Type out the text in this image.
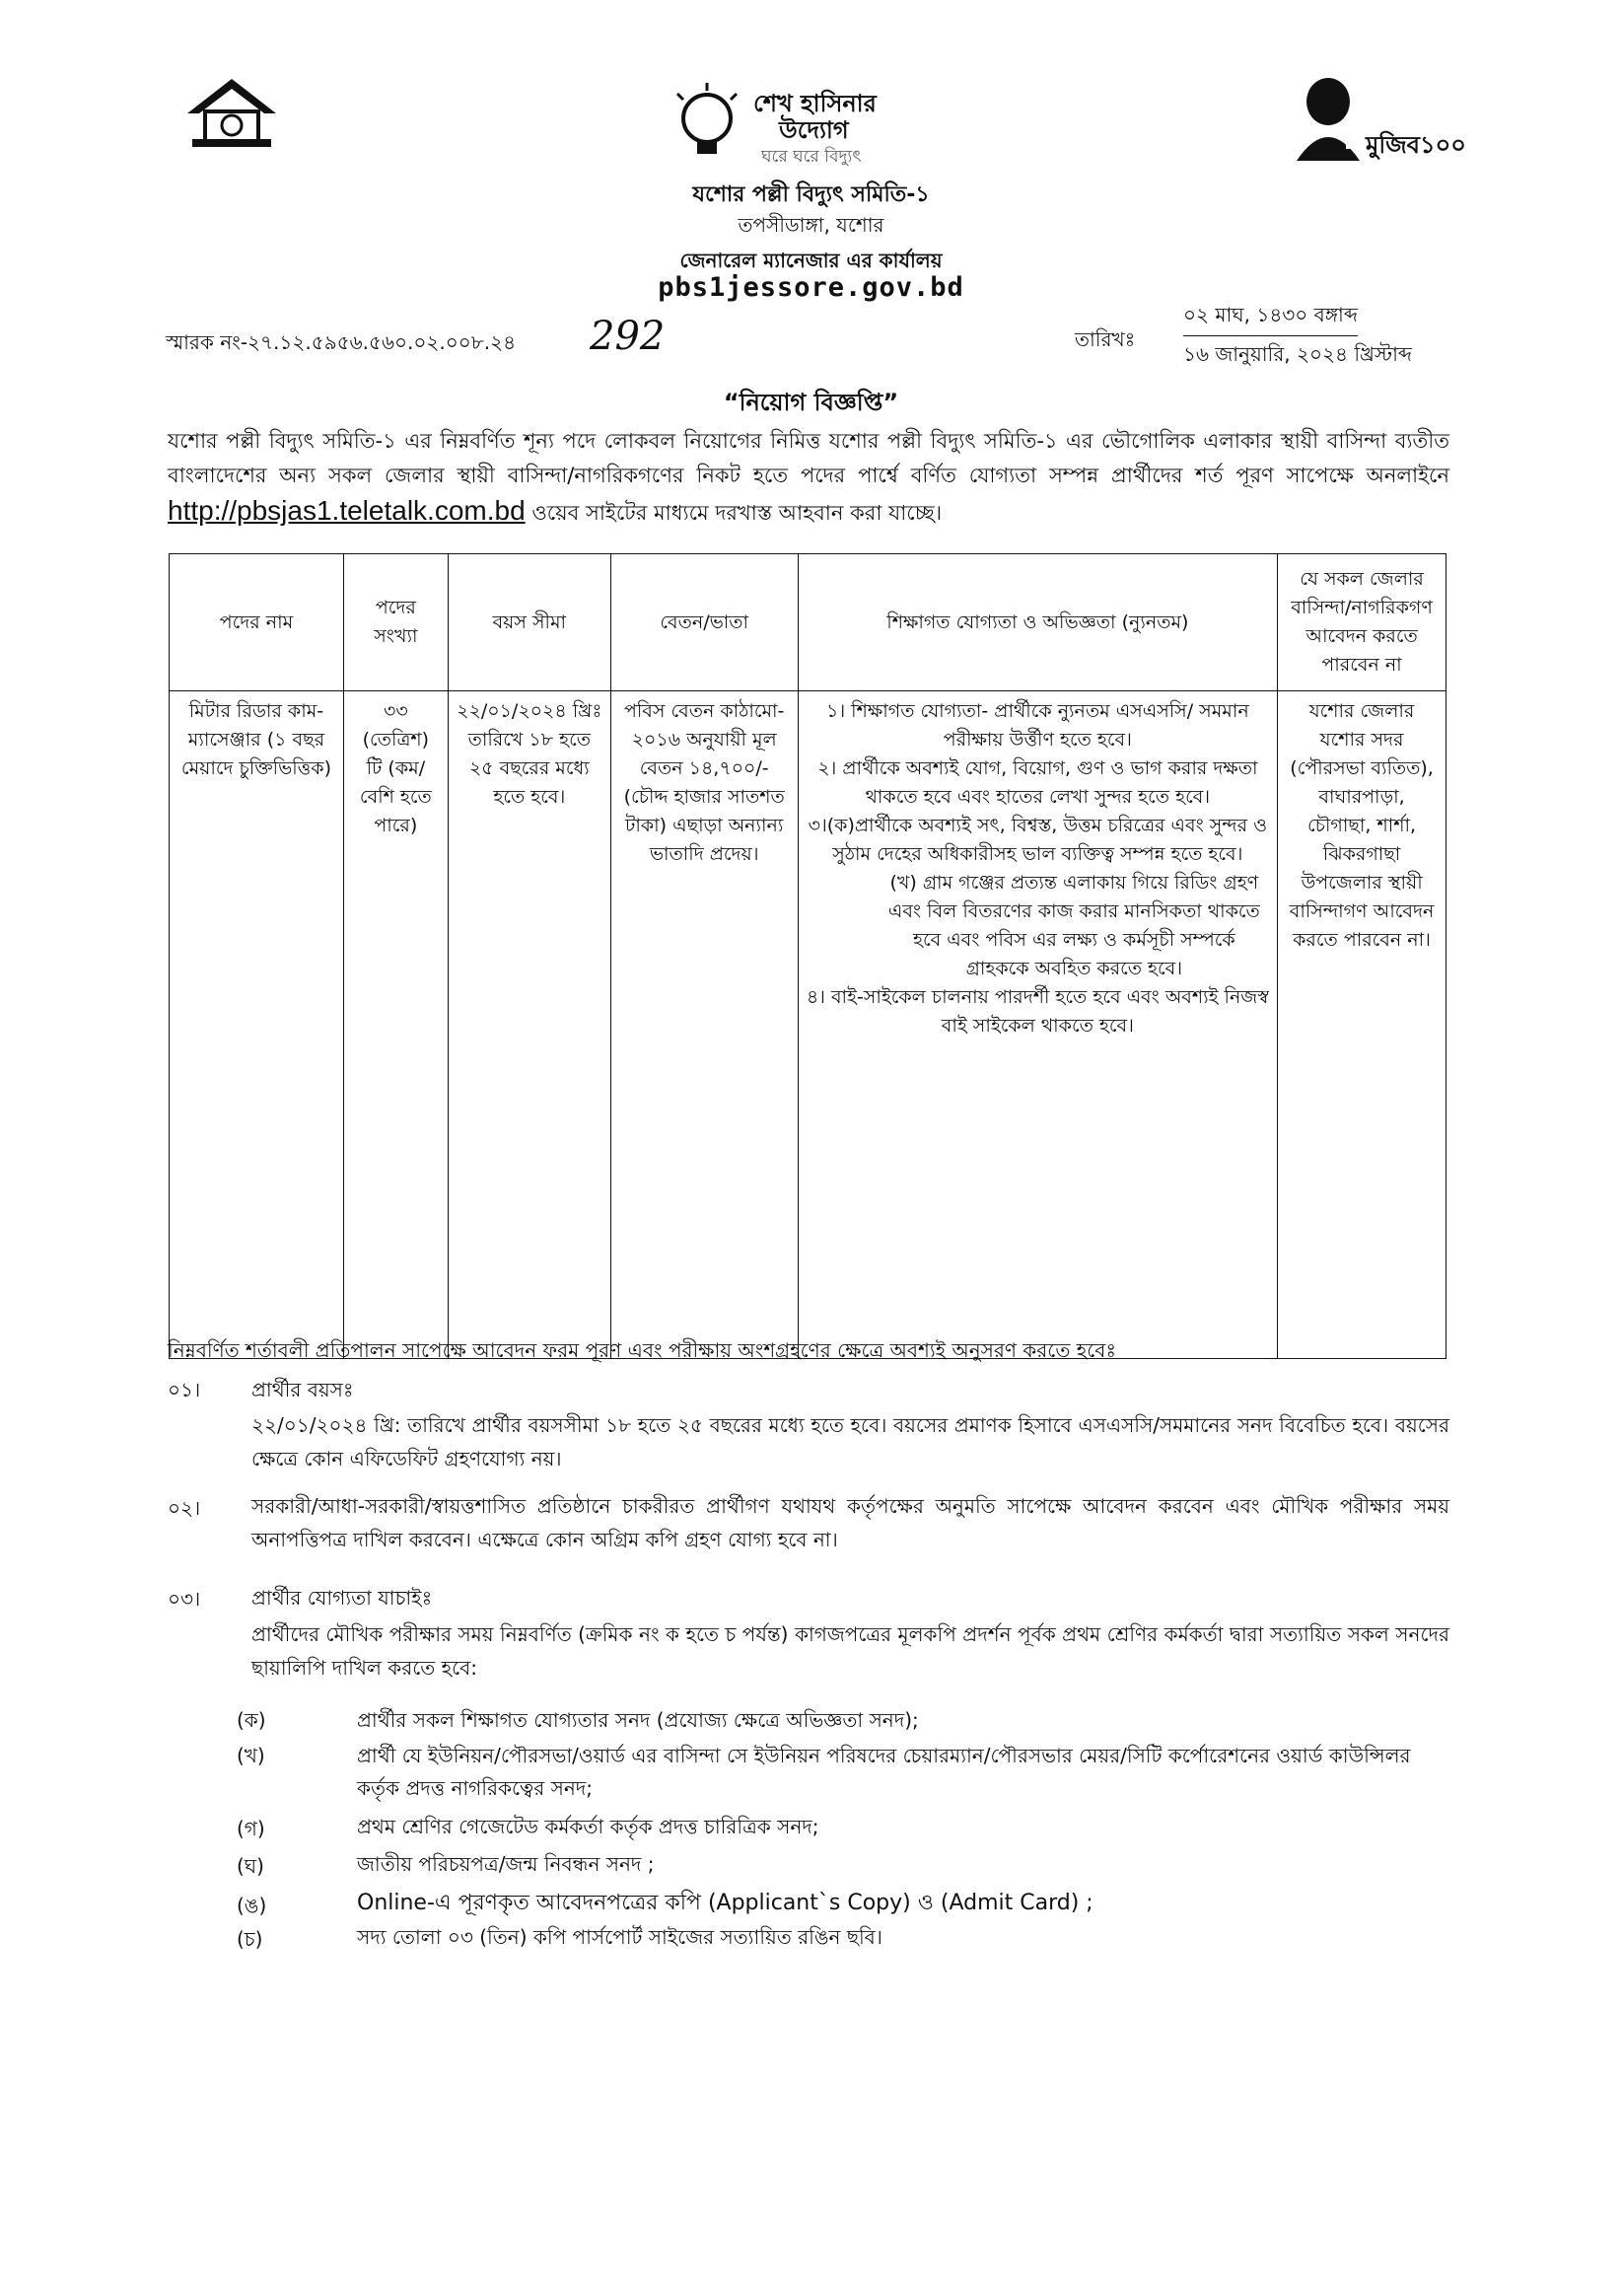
শেখ হাসিনার
উদ্যোগ
ঘরে ঘরে বিদ্যুৎ	মুজিব১০০
যশোর পল্লী বিদ্যুৎ সমিতি-১
তপসীডাঙ্গা, যশোর
জেনারেল ম্যানেজার এর কার্যালয়
pbs1jessore.gov.bd
স্মারক নং-২৭.১২.৫৯৫৬.৫৬০.০২.০০৮.২৪ 292	তারিখঃ
০২ মাঘ, ১৪৩০ বঙ্গাব্দ
১৬ জানুয়ারি, ২০২৪ খ্রিস্টাব্দ
“নিয়োগ বিজ্ঞপ্তি”
যশোর পল্লী বিদ্যুৎ সমিতি-১ এর নিম্নবর্ণিত শূন্য পদে লোকবল নিয়োগের নিমিত্ত যশোর পল্লী বিদ্যুৎ সমিতি-১ এর ভৌগোলিক এলাকার স্থায়ী বাসিন্দা ব্যতীত বাংলাদেশের অন্য সকল জেলার স্থায়ী বাসিন্দা/নাগরিকগণের নিকট হতে পদের পার্শ্বে বর্ণিত যোগ্যতা সম্পন্ন প্রার্থীদের শর্ত পূরণ সাপেক্ষে অনলাইনে http://pbsjas1.teletalk.com.bd ওয়েব সাইটের মাধ্যমে দরখাস্ত আহবান করা যাচ্ছে।
পদের নাম	পদের সংখ্যা	বয়স সীমা	বেতন/ভাতা	শিক্ষাগত যোগ্যতা ও অভিজ্ঞতা (ন্যুনতম)	যে সকল জেলার বাসিন্দা/নাগরিকগণ আবেদন করতে পারবেন না
মিটার রিডার কাম-ম্যাসেঞ্জার (১ বছর মেয়াদে চুক্তিভিত্তিক)	৩৩ (তেত্রিশ) টি (কম/বেশি হতে পারে)	২২/০১/২০২৪ খ্রিঃ তারিখে ১৮ হতে ২৫ বছরের মধ্যে হতে হবে।	পবিস বেতন কাঠামো- ২০১৬ অনুযায়ী মূল বেতন ১৪,৭০০/- (চৌদ্দ হাজার সাতশত টাকা) এছাড়া অন্যান্য ভাতাদি প্রদেয়।	১। শিক্ষাগত যোগ্যতা- প্রার্থীকে ন্যুনতম এসএসসি/ সমমান পরীক্ষায় উর্ত্তীণ হতে হবে।

২। প্রার্থীকে অবশ্যই যোগ, বিয়োগ, গুণ ও ভাগ করার দক্ষতা থাকতে হবে এবং হাতের লেখা সুন্দর হতে হবে।

৩।(ক)প্রার্থীকে অবশ্যই সৎ, বিশ্বস্ত, উত্তম চরিত্রের এবং সুন্দর ও সুঠাম দেহের অধিকারীসহ ভাল ব্যক্তিত্ব সম্পন্ন হতে হবে।

(খ) গ্রাম গঞ্জের প্রত্যন্ত এলাকায় গিয়ে রিডিং গ্রহণ এবং বিল বিতরণের কাজ করার মানসিকতা থাকতে হবে এবং পবিস এর লক্ষ্য ও কর্মসূচী সম্পর্কে গ্রাহককে অবহিত করতে হবে।

৪। বাই-সাইকেল চালনায় পারদর্শী হতে হবে এবং অবশ্যই নিজস্ব বাই সাইকেল থাকতে হবে।	যশোর জেলার যশোর সদর (পৌরসভা ব্যতিত), বাঘারপাড়া, চৌগাছা, শার্শা, ঝিকরগাছা উপজেলার স্থায়ী বাসিন্দাগণ আবেদন করতে পারবেন না।
নিম্নবর্ণিত শর্তাবলী প্রতিপালন সাপেক্ষে আবেদন ফরম পূরণ এবং পরীক্ষায় অংশগ্রহণের ক্ষেত্রে অবশ্যই অনুসরণ করতে হবেঃ
০১।	প্রার্থীর বয়সঃ
২২/০১/২০২৪ খ্রি: তারিখে প্রার্থীর বয়সসীমা ১৮ হতে ২৫ বছরের মধ্যে হতে হবে। বয়সের প্রমাণক হিসাবে এসএসসি/সমমানের সনদ বিবেচিত হবে। বয়সের ক্ষেত্রে কোন এফিডেফিট গ্রহণযোগ্য নয়।
০২।	সরকারী/আধা-সরকারী/স্বায়ত্তশাসিত প্রতিষ্ঠানে চাকরীরত প্রার্থীগণ যথাযথ কর্তৃপক্ষের অনুমতি সাপেক্ষে আবেদন করবেন এবং মৌখিক পরীক্ষার সময় অনাপত্তিপত্র দাখিল করবেন। এক্ষেত্রে কোন অগ্রিম কপি গ্রহণ যোগ্য হবে না।
০৩।	প্রার্থীর যোগ্যতা যাচাইঃ
প্রার্থীদের মৌখিক পরীক্ষার সময় নিম্নবর্ণিত (ক্রমিক নং ক হতে চ পর্যন্ত) কাগজপত্রের মূলকপি প্রদর্শন পূর্বক প্রথম শ্রেণির কর্মকর্তা দ্বারা সত্যায়িত সকল সনদের ছায়ালিপি দাখিল করতে হবে:
(ক)	প্রার্থীর সকল শিক্ষাগত যোগ্যতার সনদ (প্রযোজ্য ক্ষেত্রে অভিজ্ঞতা সনদ);
(খ)	প্রার্থী যে ইউনিয়ন/পৌরসভা/ওয়ার্ড এর বাসিন্দা সে ইউনিয়ন পরিষদের চেয়ারম্যান/পৌরসভার মেয়র/সিটি কর্পোরেশনের ওয়ার্ড কাউন্সিলর কর্তৃক প্রদত্ত নাগরিকত্বের সনদ;
(গ)	প্রথম শ্রেণির গেজেটেড কর্মকর্তা কর্তৃক প্রদত্ত চারিত্রিক সনদ;
(ঘ)	জাতীয় পরিচয়পত্র/জন্ম নিবন্ধন সনদ ;
(ঙ)	Online-এ পূরণকৃত আবেদনপত্রের কপি (Applicant`s Copy) ও (Admit Card) ;
(চ)	সদ্য তোলা ০৩ (তিন) কপি পার্সপোর্ট সাইজের সত্যায়িত রঙিন ছবি।
